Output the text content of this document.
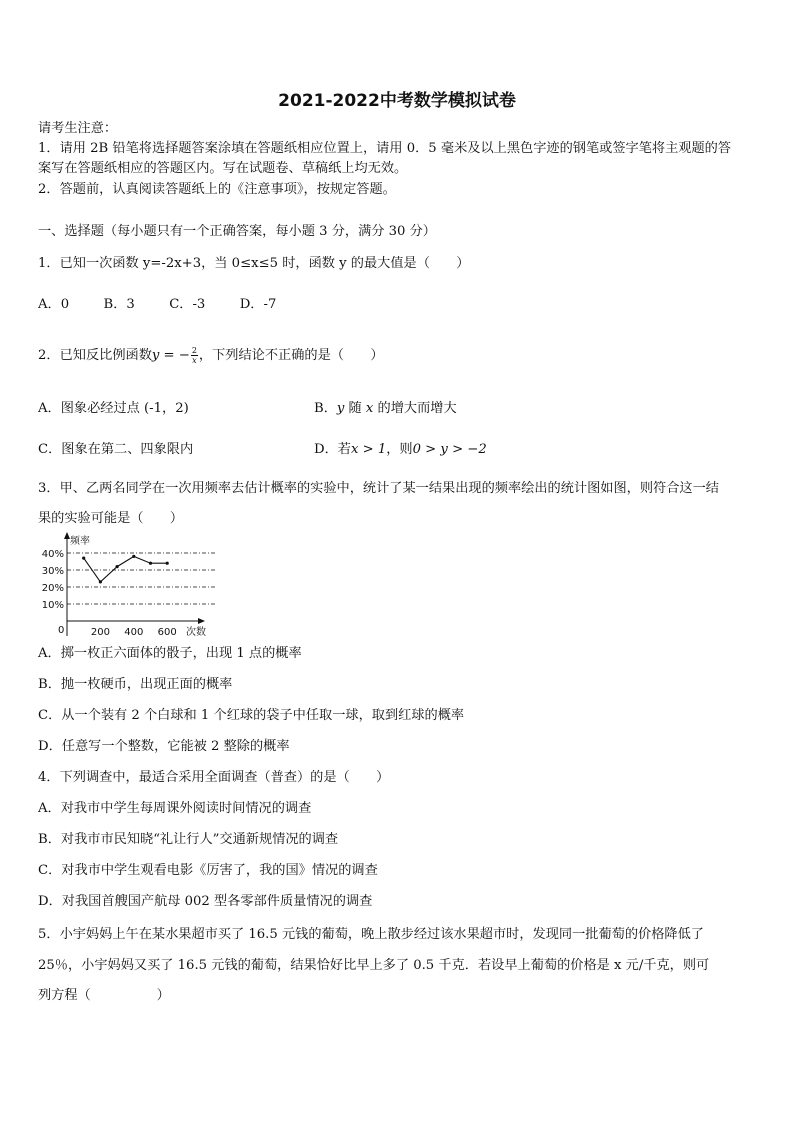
2021-2022中考数学模拟试卷
请考生注意：
1．请用 2B 铅笔将选择题答案涂填在答题纸相应位置上，请用 0．5 毫米及以上黑色字迹的钢笔或签字笔将主观题的答
案写在答题纸相应的答题区内。写在试题卷、草稿纸上均无效。
2．答题前，认真阅读答题纸上的《注意事项》，按规定答题。
一、选择题（每小题只有一个正确答案，每小题 3 分，满分 30 分）
1．已知一次函数 y=-2x+3，当 0≤x≤5 时，函数 y 的最大值是（　　）
A．0	B．3	C．-3	D．-7
2．已知反比例函数𝑦 = − $\frac{2}{\text{𝑥}}$ ，下列结论不正确的是（　　）
A．图象必经过点 (-1，2)	B．y 随 x 的增大而增大
C．图象在第二、四象限内	D．若𝑥 > 1，则0 > 𝑦 > −2
3．甲、乙两名同学在一次用频率去估计概率的实验中，统计了某一结果出现的频率绘出的统计图如图，则符合这一结
果的实验可能是（　　）
频率
次数
0
10%
20%
30%
40%
200 400 600
A．掷一枚正六面体的骰子，出现 1 点的概率
B．抛一枚硬币，出现正面的概率
C．从一个装有 2 个白球和 1 个红球的袋子中任取一球，取到红球的概率
D．任意写一个整数，它能被 2 整除的概率
4．下列调查中，最适合采用全面调查（普查）的是（　　）
A．对我市中学生每周课外阅读时间情况的调查
B．对我市市民知晓“礼让行人”交通新规情况的调查
C．对我市中学生观看电影《厉害了，我的国》情况的调查
D．对我国首艘国产航母 002 型各零部件质量情况的调查
5．小宇妈妈上午在某水果超市买了 16.5 元钱的葡萄，晚上散步经过该水果超市时，发现同一批葡萄的价格降低了
25％，小宇妈妈又买了 16.5 元钱的葡萄，结果恰好比早上多了 0.5 千克．若设早上葡萄的价格是 x 元/千克，则可
列方程（　　　　　）
